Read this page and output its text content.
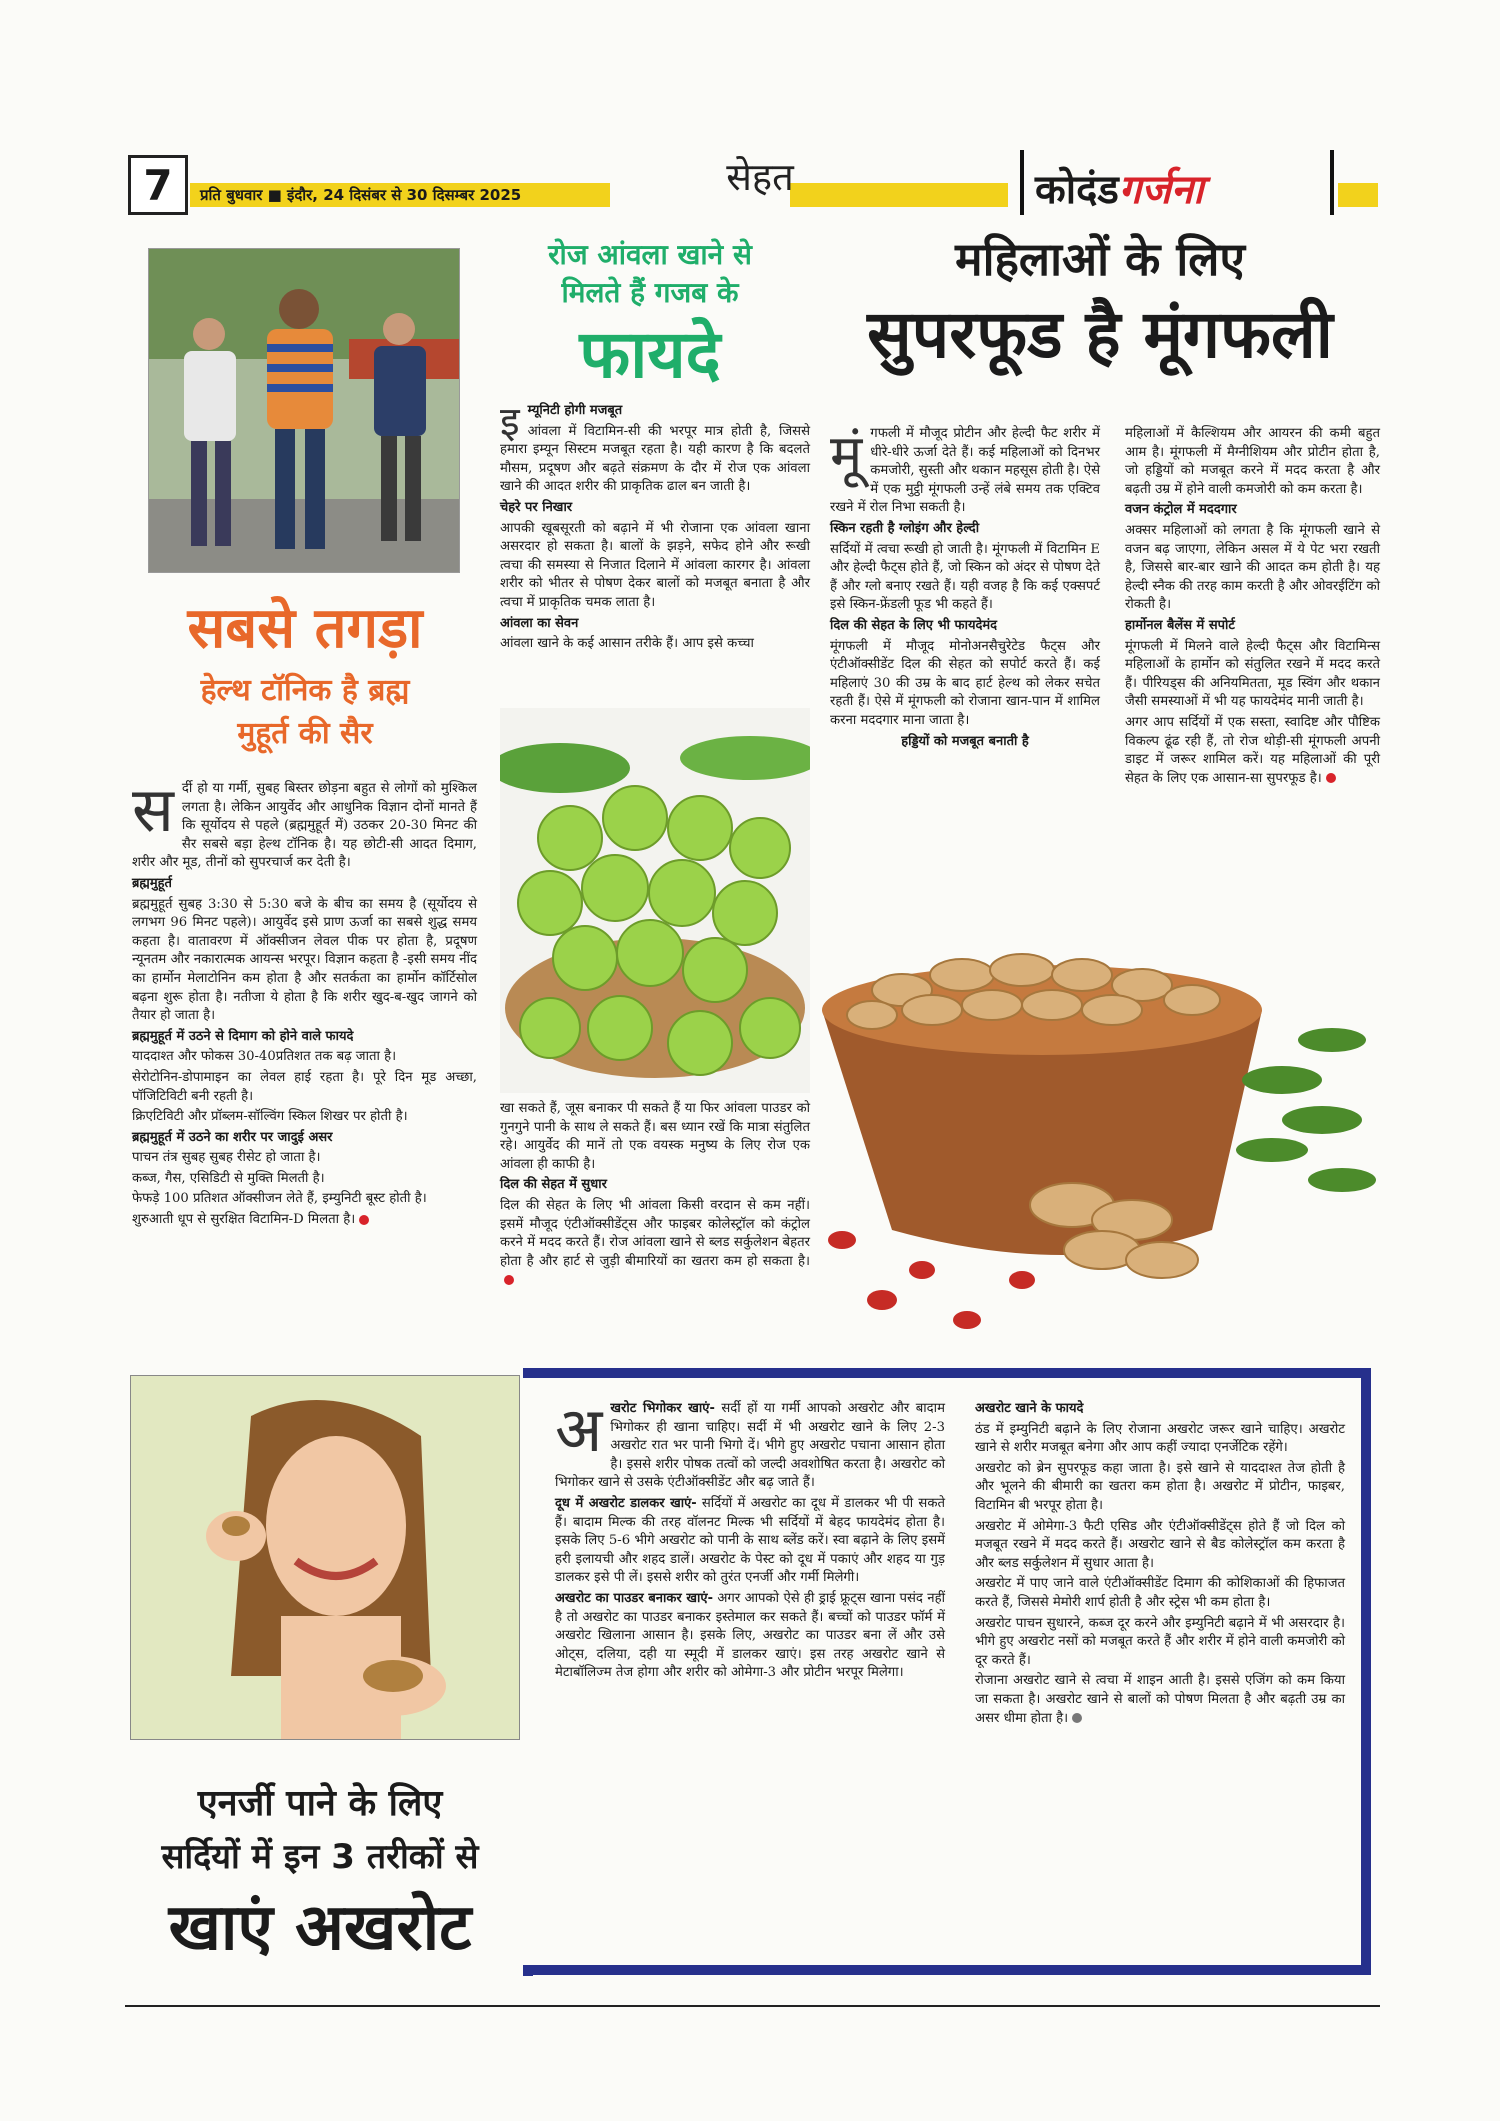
7	प्रति बुधवार ■ इंदौर, 24 दिसंबर से 30 दिसम्बर 2025	सेहत	कोदंडगर्जना
सबसे तगड़ा
हेल्थ टॉनिक है ब्रह्म
मुहूर्त की सैर
स र्दी हो या गर्मी, सुबह बिस्तर छोड़ना बहुत से लोगों को मुश्किल लगता है। लेकिन आयुर्वेद और आधुनिक विज्ञान दोनों मानते हैं कि सूर्योदय से पहले (ब्रह्ममुहूर्त में) उठकर 20-30 मिनट की सैर सबसे बड़ा हेल्थ टॉनिक है। यह छोटी-सी आदत दिमाग, शरीर और मूड, तीनों को सुपरचार्ज कर देती है।

ब्रह्ममुहूर्त

ब्रह्ममुहूर्त सुबह 3:30 से 5:30 बजे के बीच का समय है (सूर्योदय से लगभग 96 मिनट पहले)। आयुर्वेद इसे प्राण ऊर्जा का सबसे शुद्ध समय कहता है। वातावरण में ऑक्सीजन लेवल पीक पर होता है, प्रदूषण न्यूनतम और नकारात्मक आयन्स भरपूर। विज्ञान कहता है -इसी समय नींद का हार्मोन मेलाटोनिन कम होता है और सतर्कता का हार्मोन कॉर्टिसोल बढ़ना शुरू होता है। नतीजा ये होता है कि शरीर खुद-ब-खुद जागने को तैयार हो जाता है।

ब्रह्ममुहूर्त में उठने से दिमाग को होने वाले फायदे

याददाश्त और फोकस 30-40प्रतिशत तक बढ़ जाता है।

सेरोटोनिन-डोपामाइन का लेवल हाई रहता है। पूरे दिन मूड अच्छा, पॉजिटिविटी बनी रहती है।

क्रिएटिविटी और प्रॉब्लम-सॉल्विंग स्किल शिखर पर होती है।

ब्रह्ममुहूर्त में उठने का शरीर पर जादुई असर

पाचन तंत्र सुबह सुबह रीसेट हो जाता है।

कब्ज, गैस, एसिडिटी से मुक्ति मिलती है।

फेफड़े 100 प्रतिशत ऑक्सीजन लेते हैं, इम्युनिटी बूस्ट होती है।

शुरुआती धूप से सुरक्षित विटामिन-D मिलता है।

रोज आंवला खाने से
मिलते हैं गजब के
फायदे
इ म्यूनिटी होगी मजबूत

आंवला में विटामिन-सी की भरपूर मात्र होती है, जिससे हमारा इम्यून सिस्टम मजबूत रहता है। यही कारण है कि बदलते मौसम, प्रदूषण और बढ़ते संक्रमण के दौर में रोज एक आंवला खाने की आदत शरीर की प्राकृतिक ढाल बन जाती है।

चेहरे पर निखार

आपकी खूबसूरती को बढ़ाने में भी रोजाना एक आंवला खाना असरदार हो सकता है। बालों के झड़ने, सफेद होने और रूखी त्वचा की समस्या से निजात दिलाने में आंवला कारगर है। आंवला शरीर को भीतर से पोषण देकर बालों को मजबूत बनाता है और त्वचा में प्राकृतिक चमक लाता है।

आंवला का सेवन

आंवला खाने के कई आसान तरीके हैं। आप इसे कच्चा

खा सकते हैं, जूस बनाकर पी सकते हैं या फिर आंवला पाउडर को गुनगुने पानी के साथ ले सकते हैं। बस ध्यान रखें कि मात्रा संतुलित रहे। आयुर्वेद की मानें तो एक वयस्क मनुष्य के लिए रोज एक आंवला ही काफी है।

दिल की सेहत में सुधार

दिल की सेहत के लिए भी आंवला किसी वरदान से कम नहीं। इसमें मौजूद एंटीऑक्सीडेंट्स और फाइबर कोलेस्ट्रॉल को कंट्रोल करने में मदद करते हैं। रोज आंवला खाने से ब्लड सर्कुलेशन बेहतर होता है और हार्ट से जुड़ी बीमारियों का खतरा कम हो सकता है।

महिलाओं के लिए
सुपरफूड है मूंगफली
मूं गफली में मौजूद प्रोटीन और हेल्दी फैट शरीर में धीरे-धीरे ऊर्जा देते हैं। कई महिलाओं को दिनभर कमजोरी, सुस्ती और थकान महसूस होती है। ऐसे में एक मुट्ठी मूंगफली उन्हें लंबे समय तक एक्टिव रखने में रोल निभा सकती है।

स्किन रहती है ग्लोइंग और हेल्दी

सर्दियों में त्वचा रूखी हो जाती है। मूंगफली में विटामिन E और हेल्दी फैट्स होते हैं, जो स्किन को अंदर से पोषण देते हैं और ग्लो बनाए रखते हैं। यही वजह है कि कई एक्सपर्ट इसे स्किन-फ्रेंडली फूड भी कहते हैं।

दिल की सेहत के लिए भी फायदेमंद

मूंगफली में मौजूद मोनोअनसैचुरेटेड फैट्स और एंटीऑक्सीडेंट दिल की सेहत को सपोर्ट करते हैं। कई महिलाएं 30 की उम्र के बाद हार्ट हेल्थ को लेकर सचेत रहती हैं। ऐसे में मूंगफली को रोजाना खान-पान में शामिल करना मददगार माना जाता है।

हड्डियों को मजबूत बनाती है

महिलाओं में कैल्शियम और आयरन की कमी बहुत आम है। मूंगफली में मैग्नीशियम और प्रोटीन होता है, जो हड्डियों को मजबूत करने में मदद करता है और बढ़ती उम्र में होने वाली कमजोरी को कम करता है।

वजन कंट्रोल में मददगार

अक्सर महिलाओं को लगता है कि मूंगफली खाने से वजन बढ़ जाएगा, लेकिन असल में ये पेट भरा रखती है, जिससे बार-बार खाने की आदत कम होती है। यह हेल्दी स्नैक की तरह काम करती है और ओवरईटिंग को रोकती है।

हार्मोनल बैलेंस में सपोर्ट

मूंगफली में मिलने वाले हेल्दी फैट्स और विटामिन्स महिलाओं के हार्मोन को संतुलित रखने में मदद करते हैं। पीरियड्स की अनियमितता, मूड स्विंग और थकान जैसी समस्याओं में भी यह फायदेमंद मानी जाती है।

अगर आप सर्दियों में एक सस्ता, स्वादिष्ट और पौष्टिक विकल्प ढूंढ रही हैं, तो रोज थोड़ी-सी मूंगफली अपनी डाइट में जरूर शामिल करें। यह महिलाओं की पूरी सेहत के लिए एक आसान-सा सुपरफूड है।

एनर्जी पाने के लिए
सर्दियों में इन 3 तरीकों से
खाएं अखरोट
अ खरोट भिगोकर खाएं- सर्दी हों या गर्मी आपको अखरोट और बादाम भिगोकर ही खाना चाहिए। सर्दी में भी अखरोट खाने के लिए 2-3 अखरोट रात भर पानी भिगो दें। भीगे हुए अखरोट पचाना आसान होता है। इससे शरीर पोषक तत्वों को जल्दी अवशोषित करता है। अखरोट को भिगोकर खाने से उसके एंटीऑक्सीडेंट और बढ़ जाते हैं।

दूध में अखरोट डालकर खाएं- सर्दियों में अखरोट का दूध में डालकर भी पी सकते हैं। बादाम मिल्क की तरह वॉलनट मिल्क भी सर्दियों में बेहद फायदेमंद होता है। इसके लिए 5-6 भीगे अखरोट को पानी के साथ ब्लेंड करें। स्वा बढ़ाने के लिए इसमें हरी इलायची और शहद डालें। अखरोट के पेस्ट को दूध में पकाएं और शहद या गुड़ डालकर इसे पी लें। इससे शरीर को तुरंत एनर्जी और गर्मी मिलेगी।

अखरोट का पाउडर बनाकर खाएं- अगर आपको ऐसे ही ड्राई फ्रूट्स खाना पसंद नहीं है तो अखरोट का पाउडर बनाकर इस्तेमाल कर सकते हैं। बच्चों को पाउडर फॉर्म में अखरोट खिलाना आसान है। इसके लिए, अखरोट का पाउडर बना लें और उसे ओट्स, दलिया, दही या स्मूदी में डालकर खाएं। इस तरह अखरोट खाने से मेटाबॉलिज्म तेज होगा और शरीर को ओमेगा-3 और प्रोटीन भरपूर मिलेगा।

अखरोट खाने के फायदे

ठंड में इम्युनिटी बढ़ाने के लिए रोजाना अखरोट जरूर खाने चाहिए। अखरोट खाने से शरीर मजबूत बनेगा और आप कहीं ज्यादा एनर्जेटिक रहेंगे।

अखरोट को ब्रेन सुपरफूड कहा जाता है। इसे खाने से याददाश्त तेज होती है और भूलने की बीमारी का खतरा कम होता है। अखरोट में प्रोटीन, फाइबर, विटामिन बी भरपूर होता है।

अखरोट में ओमेगा-3 फैटी एसिड और एंटीऑक्सीडेंट्स होते हैं जो दिल को मजबूत रखने में मदद करते हैं। अखरोट खाने से बैड कोलेस्ट्रॉल कम करता है और ब्लड सर्कुलेशन में सुधार आता है।

अखरोट में पाए जाने वाले एंटीऑक्सीडेंट दिमाग की कोशिकाओं की हिफाजत करते हैं, जिससे मेमोरी शार्प होती है और स्ट्रेस भी कम होता है।

अखरोट पाचन सुधारने, कब्ज दूर करने और इम्युनिटी बढ़ाने में भी असरदार है। भीगे हुए अखरोट नसों को मजबूत करते हैं और शरीर में होने वाली कमजोरी को दूर करते हैं।

रोजाना अखरोट खाने से त्वचा में शाइन आती है। इससे एजिंग को कम किया जा सकता है। अखरोट खाने से बालों को पोषण मिलता है और बढ़ती उम्र का असर धीमा होता है।
